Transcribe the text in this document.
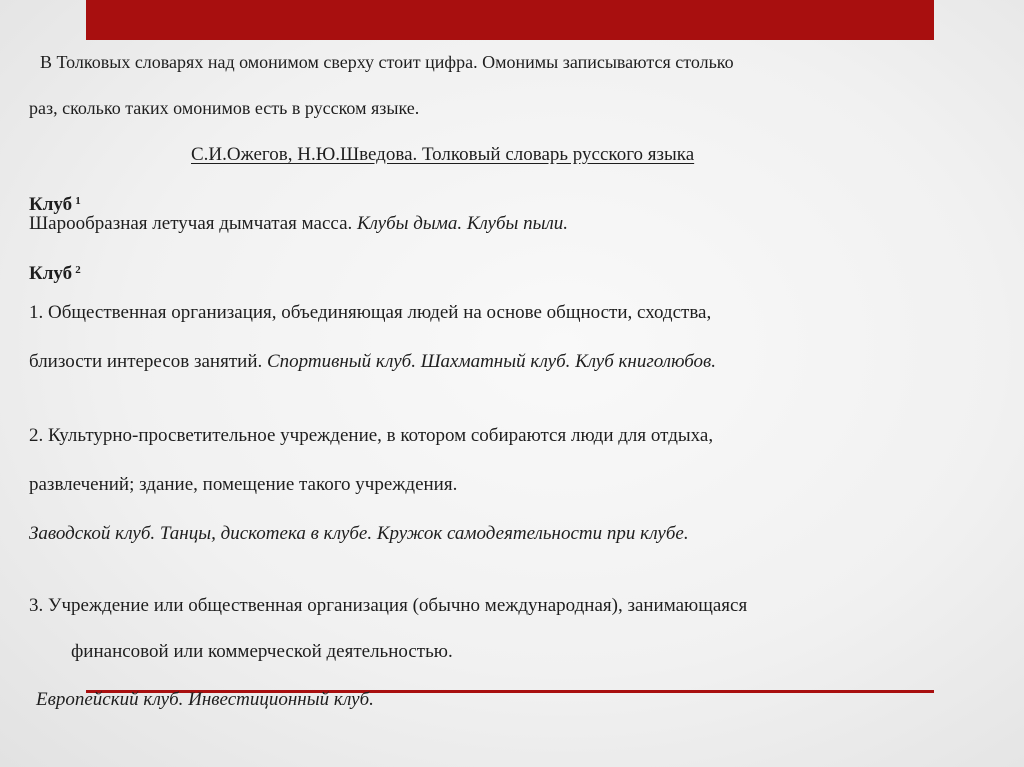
В Толковых словарях над омонимом сверху стоит цифра. Омонимы записываются столько

раз, сколько таких омонимов есть в русском языке.

С.И.Ожегов, Н.Ю.Шведова. Толковый словарь русского языка

Клуб $^1$

Шарообразная летучая дымчатая масса. Клубы дыма. Клубы пыли.

Клуб $^2$

1. Общественная организация, объединяющая людей на основе общности, сходства,

близости интересов занятий. Спортивный клуб. Шахматный клуб. Клуб книголюбов.

2. Культурно-просветительное учреждение, в котором собираются люди для отдыха,

развлечений; здание, помещение такого учреждения.

Заводской клуб. Танцы, дискотека в клубе. Кружок самодеятельности при клубе.

3. Учреждение или общественная организация (обычно международная), занимающаяся

финансовой или коммерческой деятельностью.

Европейский клуб. Инвестиционный клуб.
